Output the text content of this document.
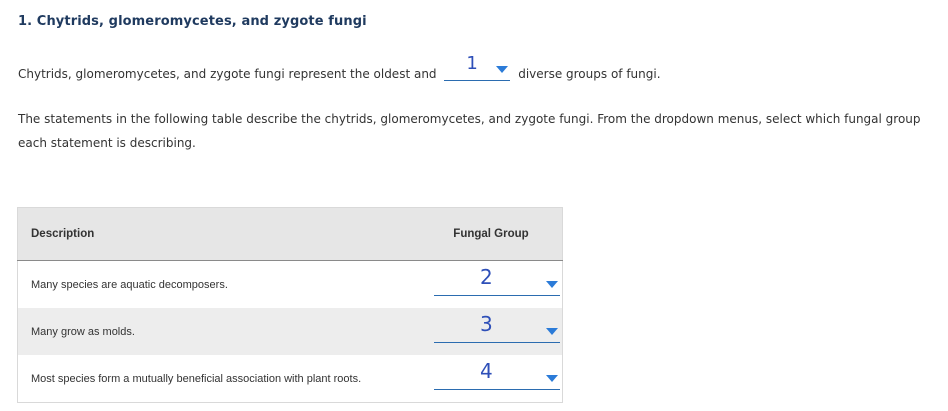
1. Chytrids, glomeromycetes, and zygote fungi
Chytrids, glomeromycetes, and zygote fungi represent the oldest and 1	diverse groups of fungi.
The statements in the following table describe the chytrids, glomeromycetes, and zygote fungi. From the dropdown menus, select which fungal group each statement is describing.
Description	Fungal Group
Many species are aquatic decomposers.	2

Many grow as molds.	3

Most species form a mutually beneficial association with plant roots.	4
